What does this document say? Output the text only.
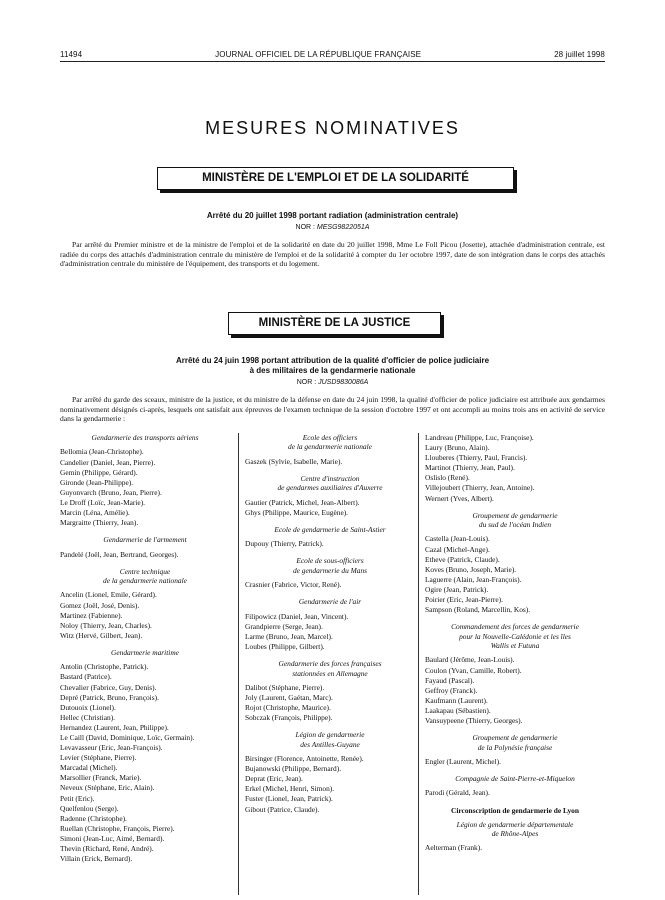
11494	JOURNAL OFFICIEL DE LA RÉPUBLIQUE FRANÇAISE	28 juillet 1998
MESURES NOMINATIVES
MINISTÈRE DE L'EMPLOI ET DE LA SOLIDARITÉ
Arrêté du 20 juillet 1998 portant radiation (administration centrale)
NOR : MESG9822051A

Par arrêté du Premier ministre et de la ministre de l'emploi et de la solidarité en date du 20 juillet 1998, Mme Le Foll Picou (Josette), attachée d'administration centrale, est radiée du corps des attachés d'administration centrale du ministère de l'emploi et de la solidarité à compter du 1er octobre 1997, date de son intégration dans le corps des attachés d'administration centrale du ministère de l'équipement, des transports et du logement.

MINISTÈRE DE LA JUSTICE
Arrêté du 24 juin 1998 portant attribution de la qualité d'officier de police judiciaire
à des militaires de la gendarmerie nationale
NOR : JUSD9830086A

Par arrêté du garde des sceaux, ministre de la justice, et du ministre de la défense en date du 24 juin 1998, la qualité d'officier de police judiciaire est attribuée aux gendarmes nominativement désignés ci-après, lesquels ont satisfait aux épreuves de l'examen technique de la session d'octobre 1997 et ont accompli au moins trois ans en activité de service dans la gendarmerie :

Gendarmerie des transports aériens
Bellomia (Jean-Christophe).
Candelier (Daniel, Jean, Pierre).
Gemin (Philippe, Gérard).
Gironde (Jean-Philippe).
Guyonvarch (Bruno, Jean, Pierre).
Le Droff (Loïc, Jean-Marie).
Marcin (Léna, Amélie).
Margraitte (Thierry, Jean).
Gendarmerie de l'armement
Pandelé (Joël, Jean, Bertrand, Georges).
Centre technique
de la gendarmerie nationale
Ancelin (Lionel, Emile, Gérard).
Gomez (Joël, José, Denis).
Martinez (Fabienne).
Noloy (Thierry, Jean, Charles).
Witz (Hervé, Gilbert, Jean).
Gendarmerie maritime
Antolin (Christophe, Patrick).
Bastard (Patrice).
Chevalier (Fabrice, Guy, Denis).
Depré (Patrick, Bruno, François).
Dutouoix (Lionel).
Hellec (Christian).
Hernandez (Laurent, Jean, Philippe).
Le Caill (David, Dominique, Loïc, Germain).
Levavasseur (Eric, Jean-François).
Levier (Stéphane, Pierre).
Marcadal (Michel).
Marsollier (Franck, Marie).
Neveux (Stéphane, Eric, Alain).
Petit (Eric).
Quelfenlou (Serge).
Radenne (Christophe).
Ruellan (Christophe, François, Pierre).
Simoni (Jean-Luc, Aimé, Bernard).
Thevin (Richard, René, André).
Villain (Erick, Bernard).
Ecole des officiers
de la gendarmerie nationale
Gaszek (Sylvie, Isabelle, Marie).
Centre d'instruction
de gendarmes auxiliaires d'Auxerre
Gautier (Patrick, Michel, Jean-Albert).
Ghys (Philippe, Maurice, Eugène).
Ecole de gendarmerie de Saint-Astier
Dupouy (Thierry, Patrick).
Ecole de sous-officiers
de gendarmerie du Mans
Crasnier (Fabrice, Victor, René).
Gendarmerie de l'air
Filipowicz (Daniel, Jean, Vincent).
Grandpierre (Serge, Jean).
Larme (Bruno, Jean, Marcel).
Loubes (Philippe, Gilbert).
Gendarmerie des forces françaises
stationnées en Allemagne
Dalibot (Stéphane, Pierre).
Joly (Laurent, Gaétan, Marc).
Rojot (Christophe, Maurice).
Sobczak (François, Philippe).
Légion de gendarmerie
des Antilles-Guyane
Birsinger (Florence, Antoinette, Renée).
Bujanowski (Philippe, Bernard).
Deprat (Eric, Jean).
Erkel (Michel, Henri, Simon).
Fuster (Lionel, Jean, Patrick).
Gibout (Patrice, Claude).
Landreau (Philippe, Luc, Françoise).
Laury (Bruno, Alain).
Llouberes (Thierry, Paul, Francis).
Martinot (Thierry, Jean, Paul).
Oslislo (René).
Villejoubert (Thierry, Jean, Antoine).
Wernert (Yves, Albert).
Groupement de gendarmerie
du sud de l'océan Indien
Castella (Jean-Louis).
Cazal (Michel-Ange).
Etheve (Patrick, Claude).
Koves (Bruno, Joseph, Marie).
Laguerre (Alain, Jean-François).
Ogire (Jean, Patrick).
Poirier (Eric, Jean-Pierre).
Sampson (Roland, Marcellin, Kos).
Commandement des forces de gendarmerie
pour la Nouvelle-Calédonie et les îles
Wallis et Futuna
Baulard (Jérôme, Jean-Louis).
Coulon (Yvan, Camille, Robert).
Fayaud (Pascal).
Geffroy (Franck).
Kaufmann (Laurent).
Laakapau (Sébastien).
Vansuypeene (Thierry, Georges).
Groupement de gendarmerie
de la Polynésie française
Engler (Laurent, Michel).
Compagnie de Saint-Pierre-et-Miquelon
Parodi (Gérald, Jean).
Circonscription de gendarmerie de Lyon
Légion de gendarmerie départementale
de Rhône-Alpes
Aelterman (Frank).
